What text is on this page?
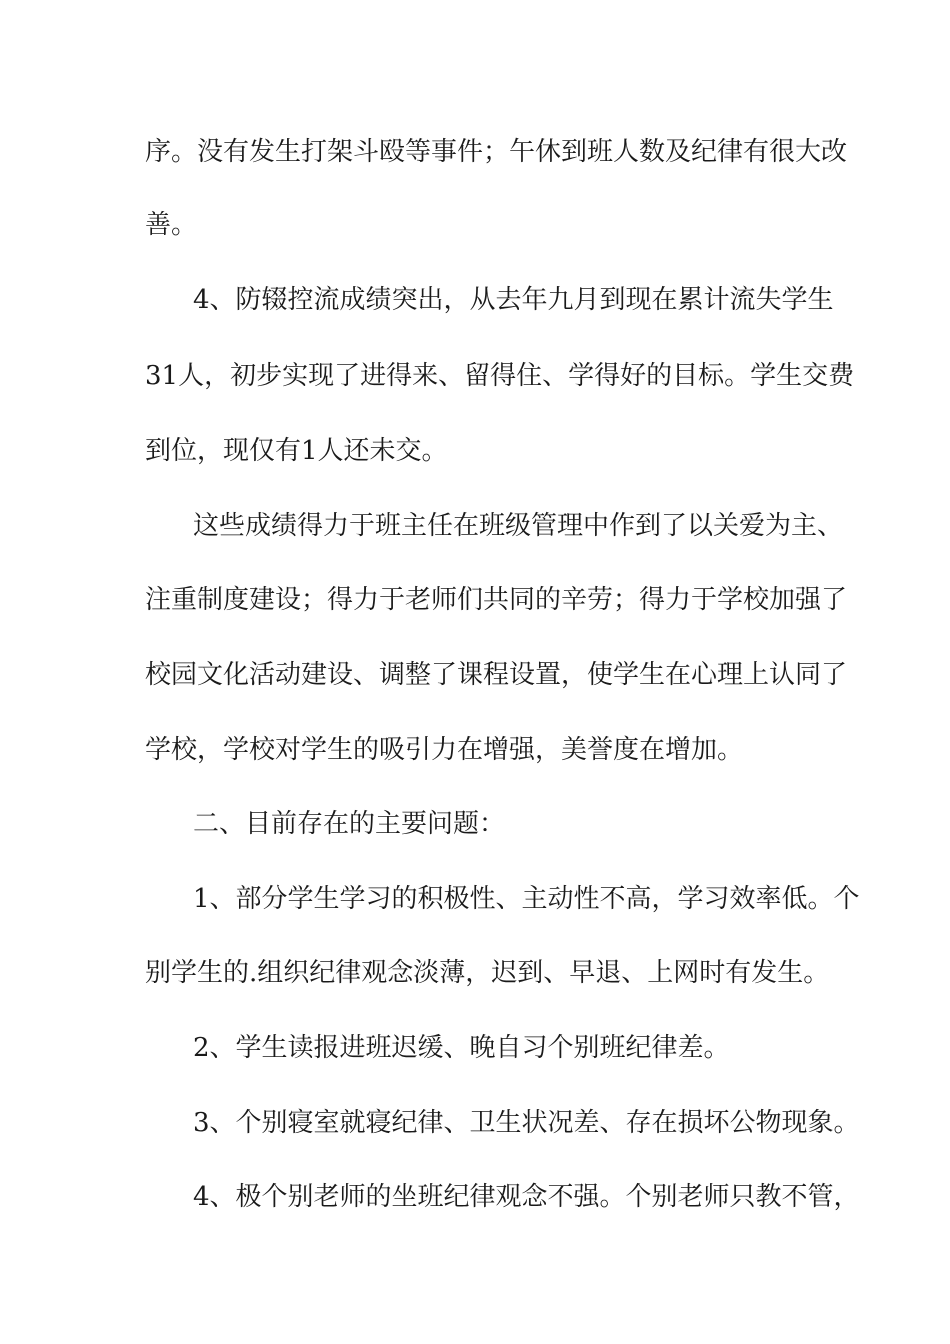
序。没有发生打架斗殴等事件；午休到班人数及纪律有很大改
善。
4、防辍控流成绩突出，从去年九月到现在累计流失学生
31人，初步实现了进得来、留得住、学得好的目标。学生交费
到位，现仅有1人还未交。
这些成绩得力于班主任在班级管理中作到了以关爱为主、
注重制度建设；得力于老师们共同的辛劳；得力于学校加强了
校园文化活动建设、调整了课程设置，使学生在心理上认同了
学校，学校对学生的吸引力在增强，美誉度在增加。
二、目前存在的主要问题：
1、部分学生学习的积极性、主动性不高，学习效率低。个
别学生的.组织纪律观念淡薄，迟到、早退、上网时有发生。
2、学生读报进班迟缓、晚自习个别班纪律差。
3、个别寝室就寝纪律、卫生状况差、存在损坏公物现象。
4、极个别老师的坐班纪律观念不强。个别老师只教不管，
